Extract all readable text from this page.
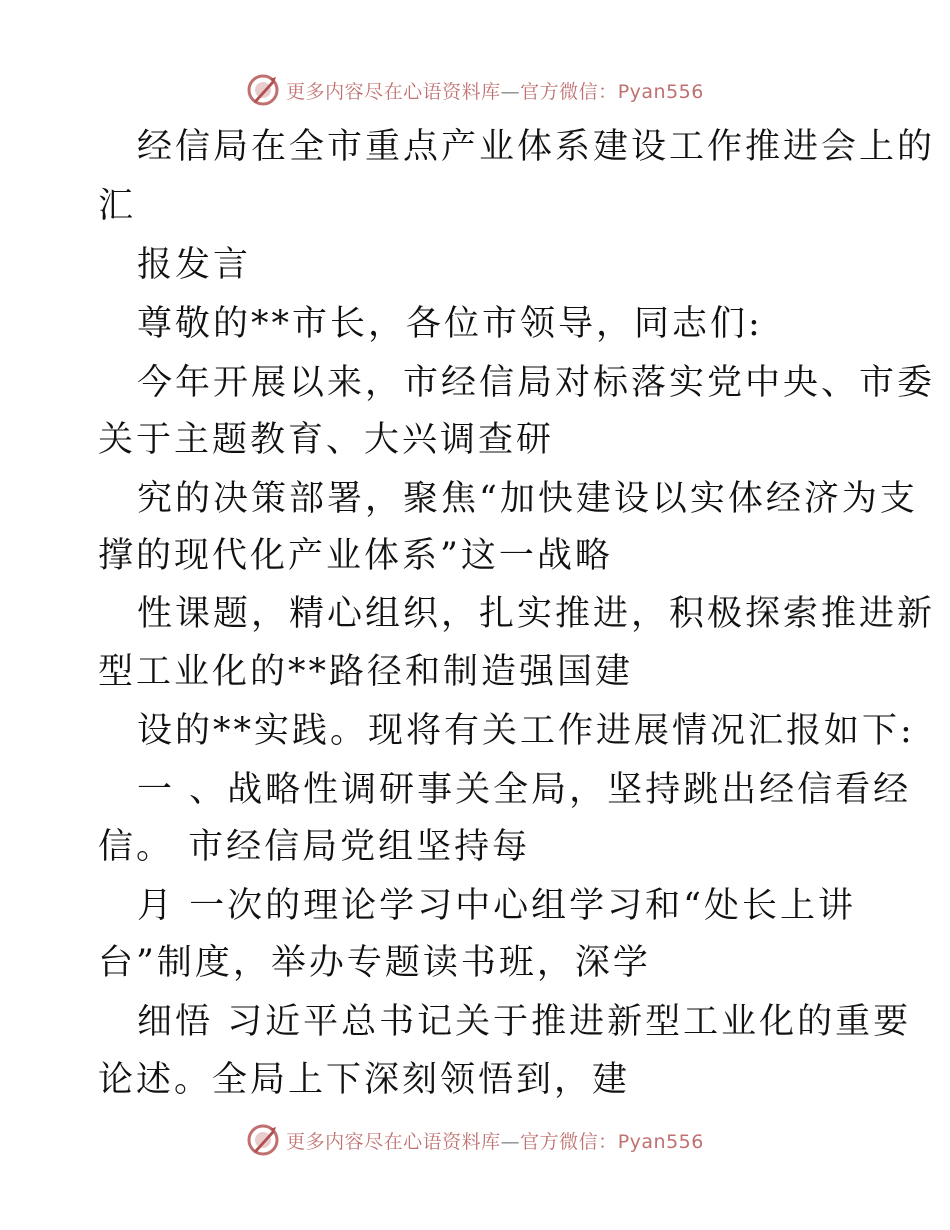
更多内容尽在心语资料库—官方微信：Pyan556
经信局在全市重点产业体系建设工作推进会上的
汇
报发言
尊敬的**市长，各位市领导，同志们:
今年开展以来，市经信局对标落实党中央、市委
关于主题教育、大兴调查研
究的决策部署，聚焦“加快建设以实体经济为支
撑的现代化产业体系”这一战略
性课题，精心组织，扎实推进，积极探索推进新
型工业化的**路径和制造强国建
设的**实践。现将有关工作进展情况汇报如下:
一 、战略性调研事关全局，坚持跳出经信看经
信。 市经信局党组坚持每
月 一次的理论学习中心组学习和“处长上讲
台”制度，举办专题读书班，深学
细悟 习近平总书记关于推进新型工业化的重要
论述。全局上下深刻领悟到，建
更多内容尽在心语资料库—官方微信：Pyan556
